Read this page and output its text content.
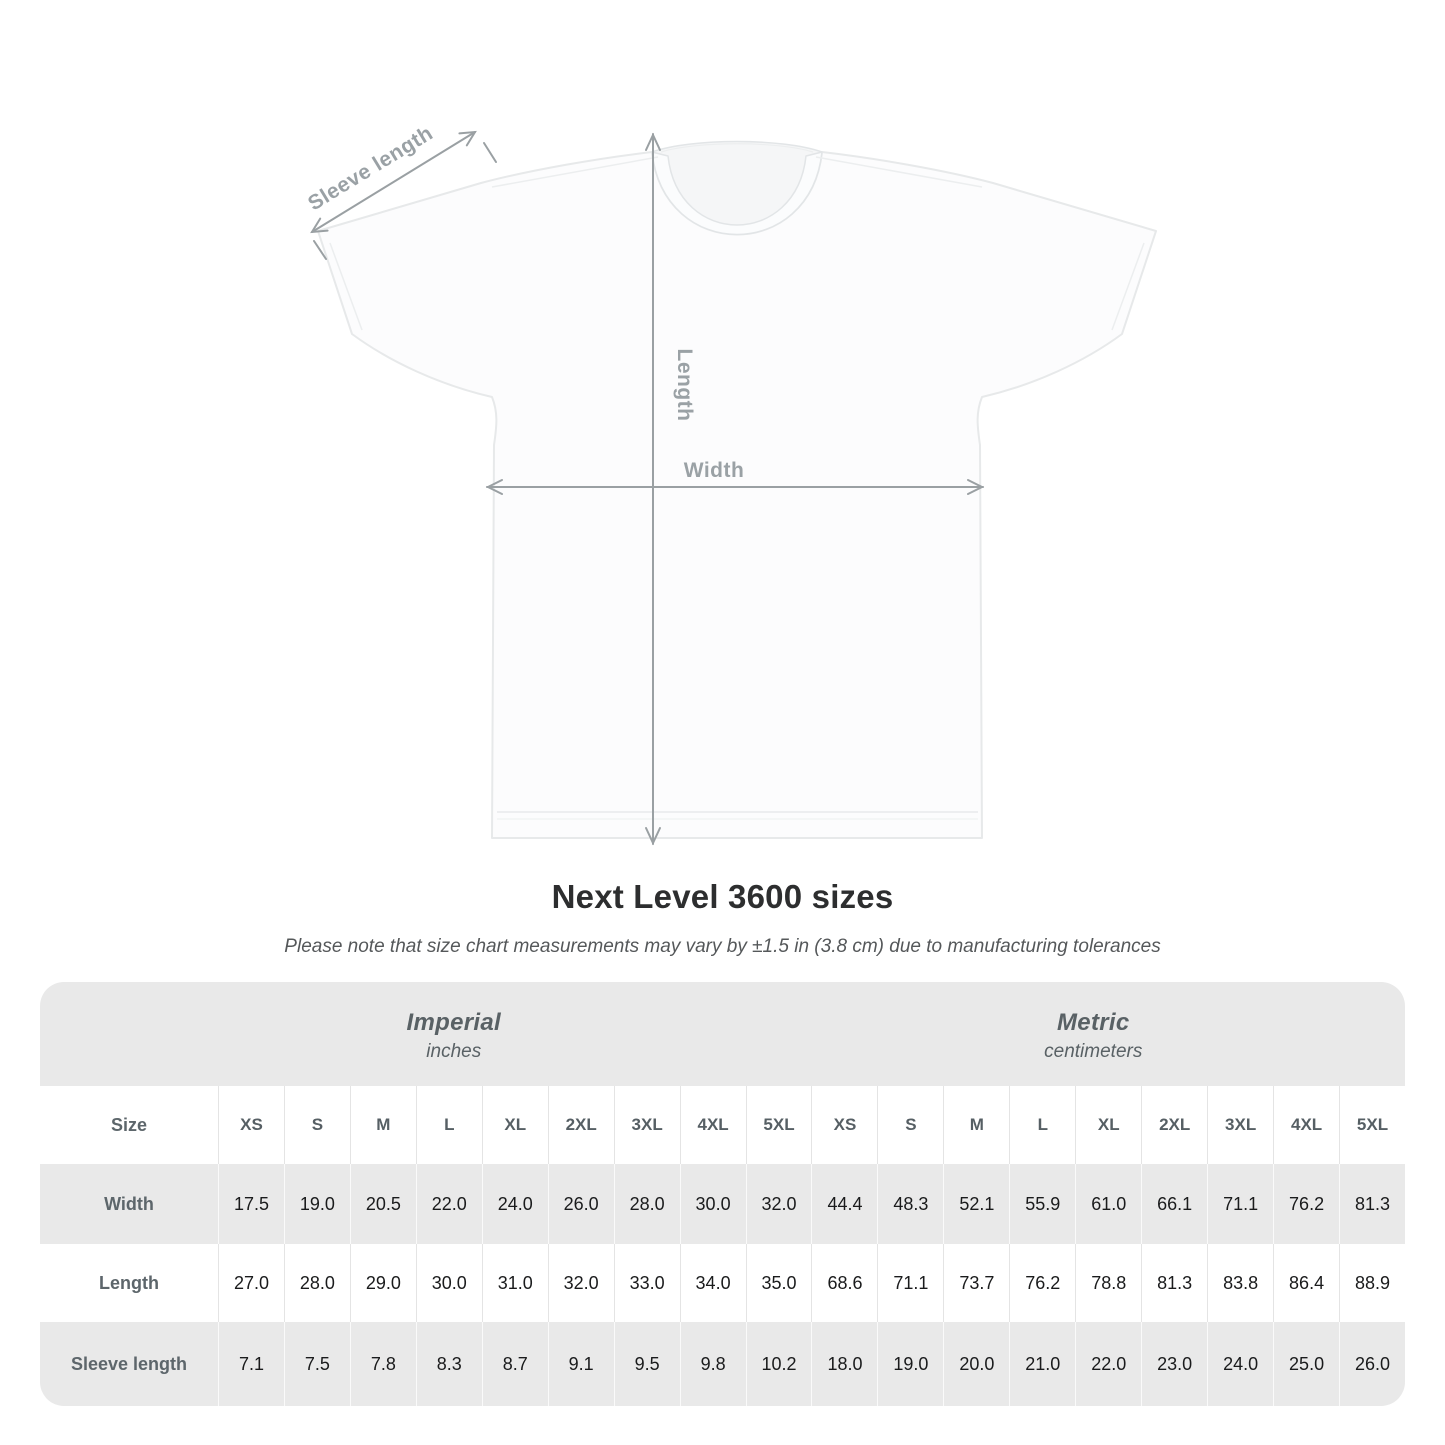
Sleeve length
Length
Width
Next Level 3600 sizes
Please note that size chart measurements may vary by ±1.5 in (3.8 cm) due to manufacturing tolerances
Imperial
inches
Metric
centimeters
Size	XS	S	M	L	XL	2XL	3XL	4XL	5XL	XS	S	M	L	XL	2XL	3XL	4XL	5XL
Width	17.5	19.0	20.5	22.0	24.0	26.0	28.0	30.0	32.0	44.4	48.3	52.1	55.9	61.0	66.1	71.1	76.2	81.3
Length	27.0	28.0	29.0	30.0	31.0	32.0	33.0	34.0	35.0	68.6	71.1	73.7	76.2	78.8	81.3	83.8	86.4	88.9
Sleeve length	7.1	7.5	7.8	8.3	8.7	9.1	9.5	9.8	10.2	18.0	19.0	20.0	21.0	22.0	23.0	24.0	25.0	26.0
